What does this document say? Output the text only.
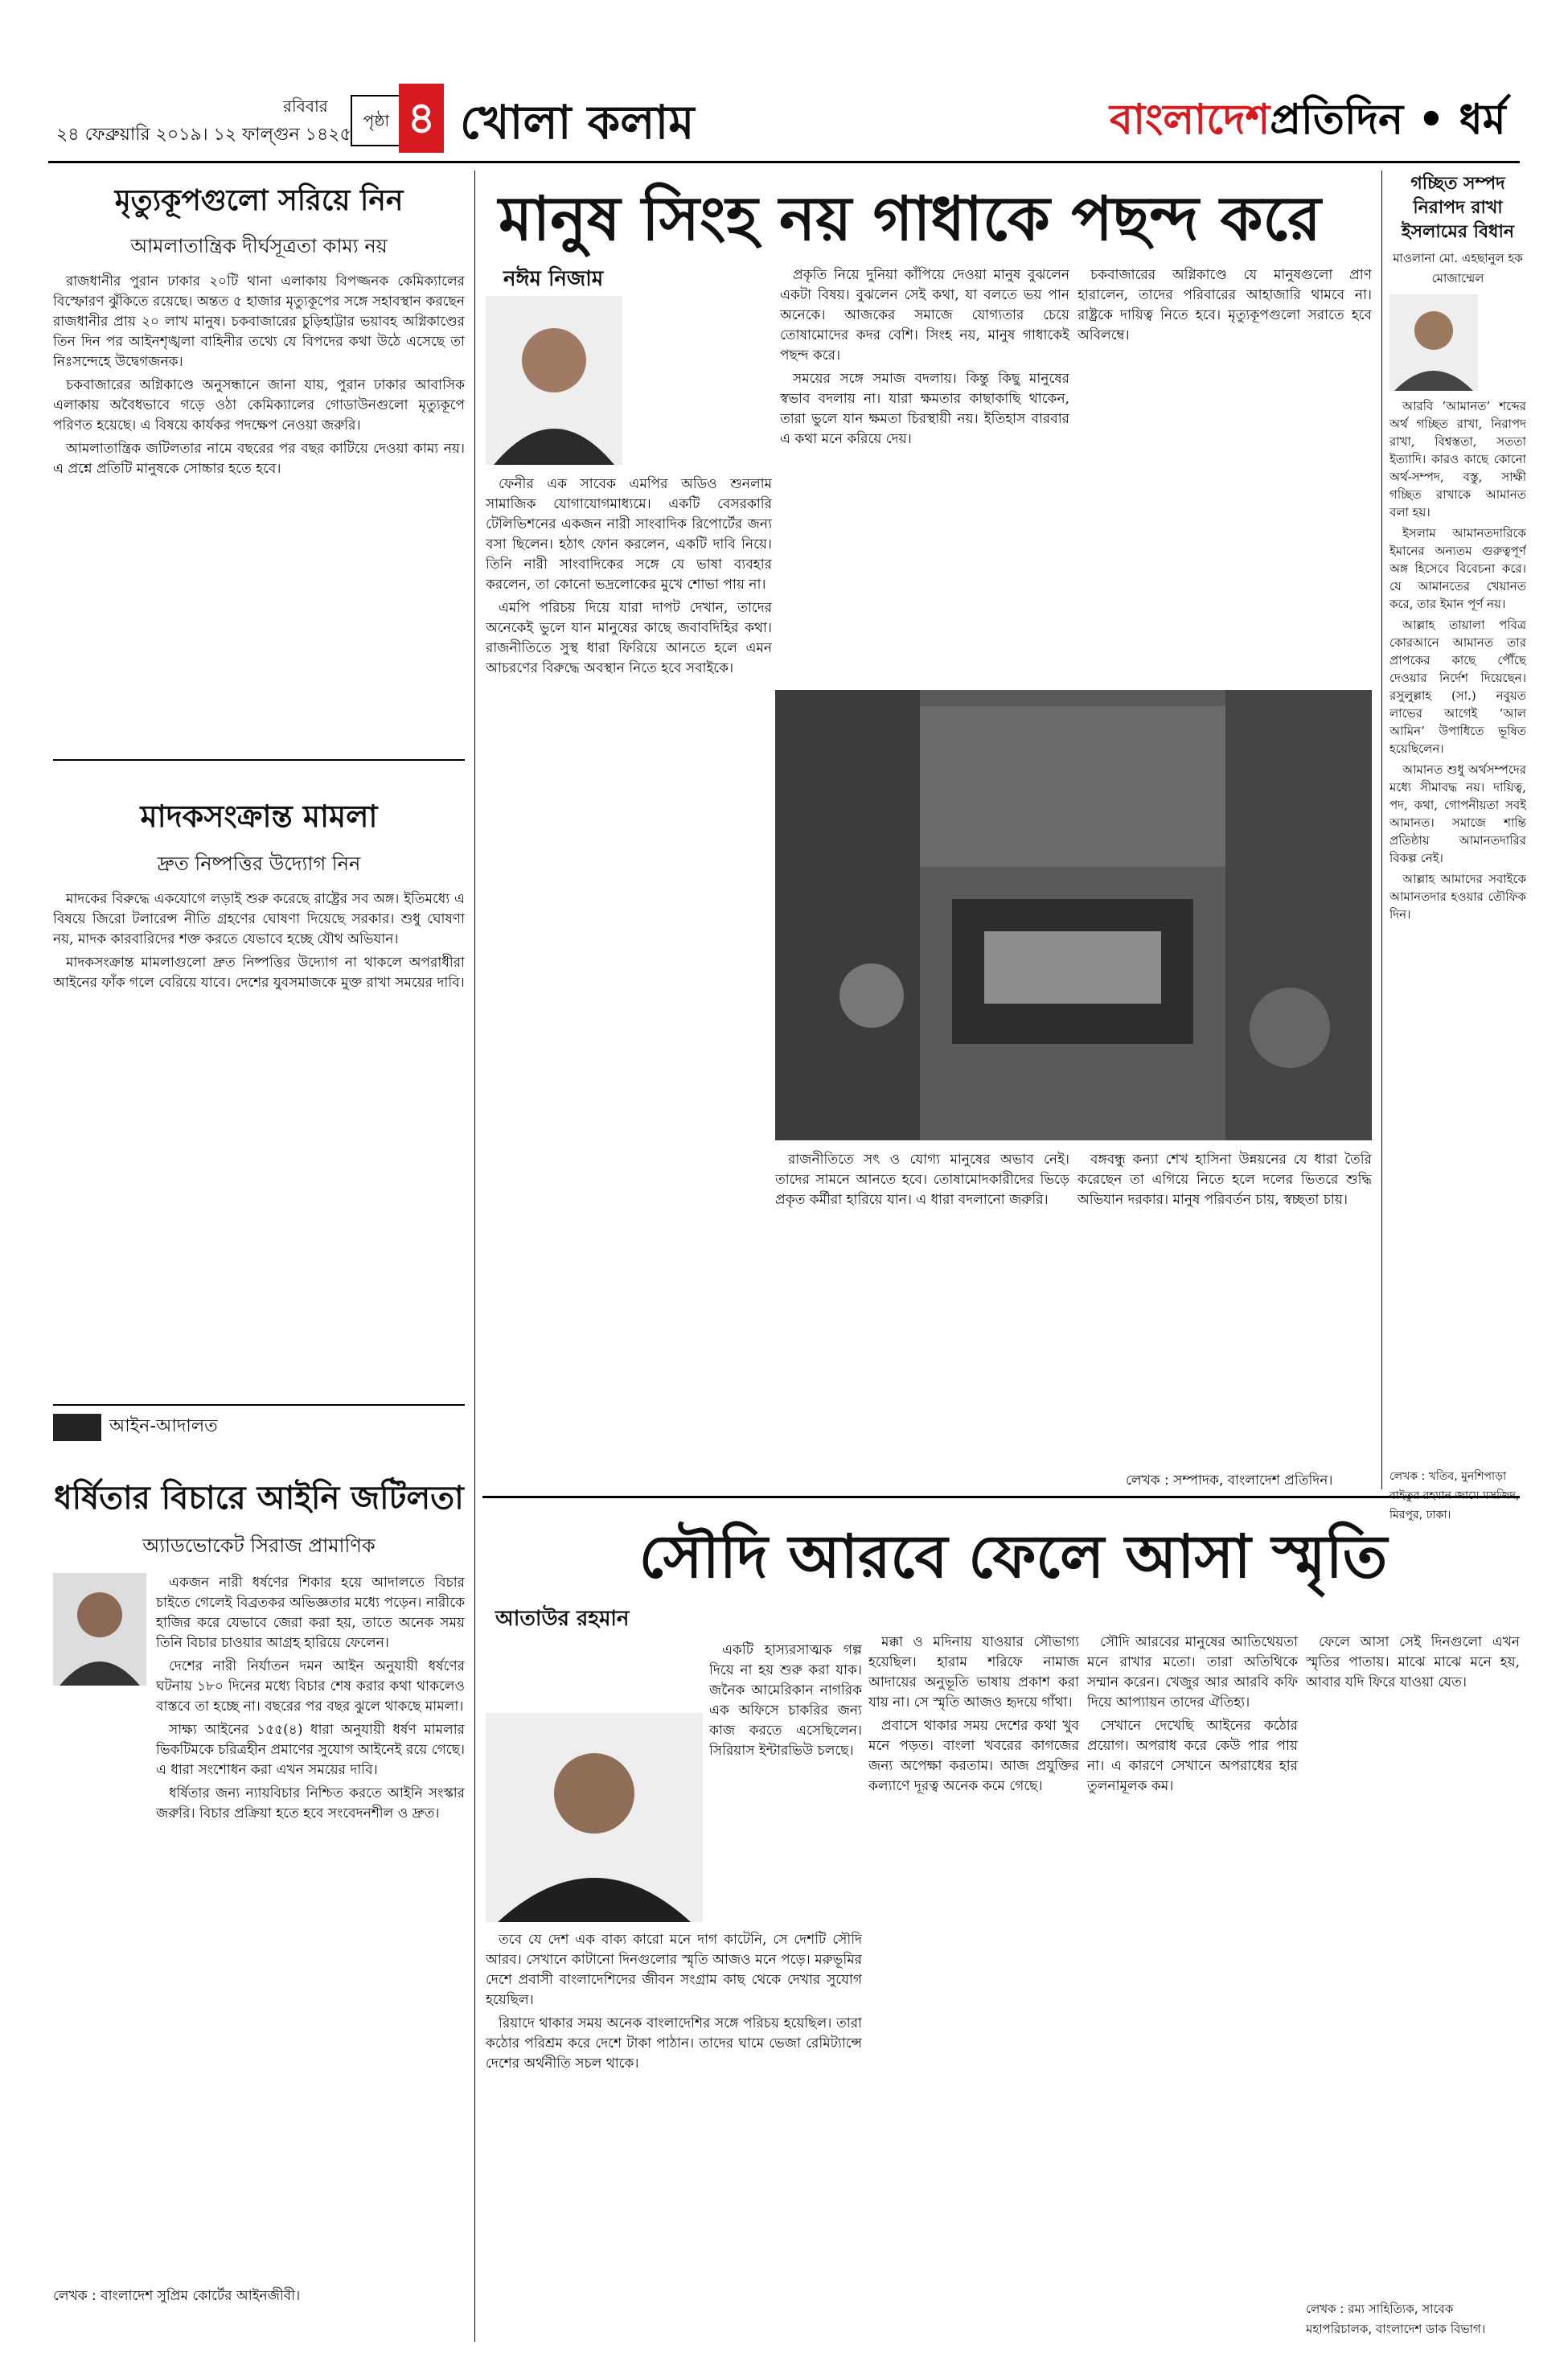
২৪ ফেব্রুয়ারি ২০১৯। ১২ ফাল্গুন ১৪২৫
রবিবার
পৃষ্ঠা ৪ খোলা কলাম	বাংলাদেশপ্রতিদিন • ধর্ম
মৃত্যুকূপগুলো সরিয়ে নিন
আমলাতান্ত্রিক দীর্ঘসূত্রতা কাম্য নয়

রাজধানীর পুরান ঢাকার ২০টি থানা এলাকায় বিপজ্জনক কেমিক্যালের বিস্ফোরণ ঝুঁকিতে রয়েছে। অন্তত ৫ হাজার মৃত্যুকূপের সঙ্গে সহাবস্থান করছেন রাজধানীর প্রায় ২০ লাখ মানুষ। চকবাজারের চুড়িহাট্টার ভয়াবহ অগ্নিকাণ্ডের তিন দিন পর আইনশৃঙ্খলা বাহিনীর তথ্যে যে বিপদের কথা উঠে এসেছে তা নিঃসন্দেহে উদ্বেগজনক।

চকবাজারের অগ্নিকাণ্ডে অনুসন্ধানে জানা যায়, পুরান ঢাকার আবাসিক এলাকায় অবৈধভাবে গড়ে ওঠা কেমিক্যালের গোডাউনগুলো মৃত্যুকূপে পরিণত হয়েছে। এ বিষয়ে কার্যকর পদক্ষেপ নেওয়া জরুরি।

আমলাতান্ত্রিক জটিলতার নামে বছরের পর বছর কাটিয়ে দেওয়া কাম্য নয়। এ প্রশ্নে প্রতিটি মানুষকে সোচ্চার হতে হবে।

মাদকসংক্রান্ত মামলা
দ্রুত নিষ্পত্তির উদ্যোগ নিন

মাদকের বিরুদ্ধে একযোগে লড়াই শুরু করেছে রাষ্ট্রের সব অঙ্গ। ইতিমধ্যে এ বিষয়ে জিরো টলারেন্স নীতি গ্রহণের ঘোষণা দিয়েছে সরকার। শুধু ঘোষণা নয়, মাদক কারবারিদের শক্ত করতে যেভাবে হচ্ছে যৌথ অভিযান।

মাদকসংক্রান্ত মামলাগুলো দ্রুত নিষ্পত্তির উদ্যোগ না থাকলে অপরাধীরা আইনের ফাঁক গলে বেরিয়ে যাবে। দেশের যুবসমাজকে মুক্ত রাখা সময়ের দাবি।

আইন-আদালত
ধর্ষিতার বিচারে আইনি জটিলতা
অ্যাডভোকেট সিরাজ প্রামাণিক

একজন নারী ধর্ষণের শিকার হয়ে আদালতে বিচার চাইতে গেলেই বিব্রতকর অভিজ্ঞতার মধ্যে পড়েন। নারীকে হাজির করে যেভাবে জেরা করা হয়, তাতে অনেক সময় তিনি বিচার চাওয়ার আগ্রহ হারিয়ে ফেলেন।

দেশের নারী নির্যাতন দমন আইন অনুযায়ী ধর্ষণের ঘটনায় ১৮০ দিনের মধ্যে বিচার শেষ করার কথা থাকলেও বাস্তবে তা হচ্ছে না। বছরের পর বছর ঝুলে থাকছে মামলা।

সাক্ষ্য আইনের ১৫৫(৪) ধারা অনুযায়ী ধর্ষণ মামলার ভিকটিমকে চরিত্রহীন প্রমাণের সুযোগ আইনেই রয়ে গেছে। এ ধারা সংশোধন করা এখন সময়ের দাবি।

ধর্ষিতার জন্য ন্যায়বিচার নিশ্চিত করতে আইনি সংস্কার জরুরি। বিচার প্রক্রিয়া হতে হবে সংবেদনশীল ও দ্রুত।

লেখক : বাংলাদেশ সুপ্রিম কোর্টের আইনজীবী।
মানুষ সিংহ নয় গাধাকে পছন্দ করে
নঈম নিজাম

ফেনীর এক সাবেক এমপির অডিও শুনলাম সামাজিক যোগাযোগমাধ্যমে। একটি বেসরকারি টেলিভিশনের একজন নারী সাংবাদিক রিপোর্টের জন্য বসা ছিলেন। হঠাৎ ফোন করলেন, একটি দাবি নিয়ে। তিনি নারী সাংবাদিকের সঙ্গে যে ভাষা ব্যবহার করলেন, তা কোনো ভদ্রলোকের মুখে শোভা পায় না।

এমপি পরিচয় দিয়ে যারা দাপট দেখান, তাদের অনেকেই ভুলে যান মানুষের কাছে জবাবদিহির কথা। রাজনীতিতে সুস্থ ধারা ফিরিয়ে আনতে হলে এমন আচরণের বিরুদ্ধে অবস্থান নিতে হবে সবাইকে।

প্রকৃতি নিয়ে দুনিয়া কাঁপিয়ে দেওয়া মানুষ বুঝলেন একটা বিষয়। বুঝলেন সেই কথা, যা বলতে ভয় পান অনেকে। আজকের সমাজে যোগ্যতার চেয়ে তোষামোদের কদর বেশি। সিংহ নয়, মানুষ গাধাকেই পছন্দ করে।

সময়ের সঙ্গে সমাজ বদলায়। কিন্তু কিছু মানুষের স্বভাব বদলায় না। যারা ক্ষমতার কাছাকাছি থাকেন, তারা ভুলে যান ক্ষমতা চিরস্থায়ী নয়। ইতিহাস বারবার এ কথা মনে করিয়ে দেয়।

চকবাজারের অগ্নিকাণ্ডে যে মানুষগুলো প্রাণ হারালেন, তাদের পরিবারের আহাজারি থামবে না। রাষ্ট্রকে দায়িত্ব নিতে হবে। মৃত্যুকূপগুলো সরাতে হবে অবিলম্বে।

রাজনীতিতে সৎ ও যোগ্য মানুষের অভাব নেই। তাদের সামনে আনতে হবে। তোষামোদকারীদের ভিড়ে প্রকৃত কর্মীরা হারিয়ে যান। এ ধারা বদলানো জরুরি।

বঙ্গবন্ধু কন্যা শেখ হাসিনা উন্নয়নের যে ধারা তৈরি করেছেন তা এগিয়ে নিতে হলে দলের ভিতরে শুদ্ধি অভিযান দরকার। মানুষ পরিবর্তন চায়, স্বচ্ছতা চায়।

লেখক : সম্পাদক, বাংলাদেশ প্রতিদিন।
গচ্ছিত সম্পদ নিরাপদ রাখা ইসলামের বিধান
মাওলানা মো. এহছানুল হক মোজাম্মেল

আরবি ‘আমানত’ শব্দের অর্থ গচ্ছিত রাখা, নিরাপদ রাখা, বিশ্বস্ততা, সততা ইত্যাদি। কারও কাছে কোনো অর্থ-সম্পদ, বস্তু, সাক্ষী গচ্ছিত রাখাকে আমানত বলা হয়।

ইসলাম আমানতদারিকে ইমানের অন্যতম গুরুত্বপূর্ণ অঙ্গ হিসেবে বিবেচনা করে। যে আমানতের খেয়ানত করে, তার ইমান পূর্ণ নয়।

আল্লাহ তায়ালা পবিত্র কোরআনে আমানত তার প্রাপকের কাছে পৌঁছে দেওয়ার নির্দেশ দিয়েছেন। রসুলুল্লাহ (সা.) নবুয়ত লাভের আগেই ‘আল আমিন’ উপাধিতে ভূষিত হয়েছিলেন।

আমানত শুধু অর্থসম্পদের মধ্যে সীমাবদ্ধ নয়। দায়িত্ব, পদ, কথা, গোপনীয়তা সবই আমানত। সমাজে শান্তি প্রতিষ্ঠায় আমানতদারির বিকল্প নেই।

আল্লাহ আমাদের সবাইকে আমানতদার হওয়ার তৌফিক দিন।

লেখক : খতিব, মুনশিপাড়া মিরপুর, ঢাকা।
সৌদি আরবে ফেলে আসা স্মৃতি
আতাউর রহমান

একটি হাস্যরসাত্মক গল্প দিয়ে না হয় শুরু করা যাক। জনৈক আমেরিকান নাগরিক এক অফিসে চাকরির জন্য কাজ করতে এসেছিলেন। সিরিয়াস ইন্টারভিউ চলছে।

তবে যে দেশ এক বাক্য কারো মনে দাগ কাটেনি, সে দেশটি সৌদি আরব। সেখানে কাটানো দিনগুলোর স্মৃতি আজও মনে পড়ে। মরুভূমির দেশে প্রবাসী বাংলাদেশিদের জীবন সংগ্রাম কাছ থেকে দেখার সুযোগ হয়েছিল।

রিয়াদে থাকার সময় অনেক বাংলাদেশির সঙ্গে পরিচয় হয়েছিল। তারা কঠোর পরিশ্রম করে দেশে টাকা পাঠান। তাদের ঘামে ভেজা রেমিট্যান্সে দেশের অর্থনীতি সচল থাকে।

মক্কা ও মদিনায় যাওয়ার সৌভাগ্য হয়েছিল। হারাম শরিফে নামাজ আদায়ের অনুভূতি ভাষায় প্রকাশ করা যায় না। সে স্মৃতি আজও হৃদয়ে গাঁথা।

প্রবাসে থাকার সময় দেশের কথা খুব মনে পড়ত। বাংলা খবরের কাগজের জন্য অপেক্ষা করতাম। আজ প্রযুক্তির কল্যাণে দূরত্ব অনেক কমে গেছে।

সৌদি আরবের মানুষের আতিথেয়তা মনে রাখার মতো। তারা অতিথিকে সম্মান করেন। খেজুর আর আরবি কফি দিয়ে আপ্যায়ন তাদের ঐতিহ্য।

সেখানে দেখেছি আইনের কঠোর প্রয়োগ। অপরাধ করে কেউ পার পায় না। এ কারণে সেখানে অপরাধের হার তুলনামূলক কম।

ফেলে আসা সেই দিনগুলো এখন স্মৃতির পাতায়। মাঝে মাঝে মনে হয়, আবার যদি ফিরে যাওয়া যেত।

লেখক : রম্য সাহিত্যিক, সাবেক মহাপরিচালক, বাংলাদেশ ডাক বিভাগ।
